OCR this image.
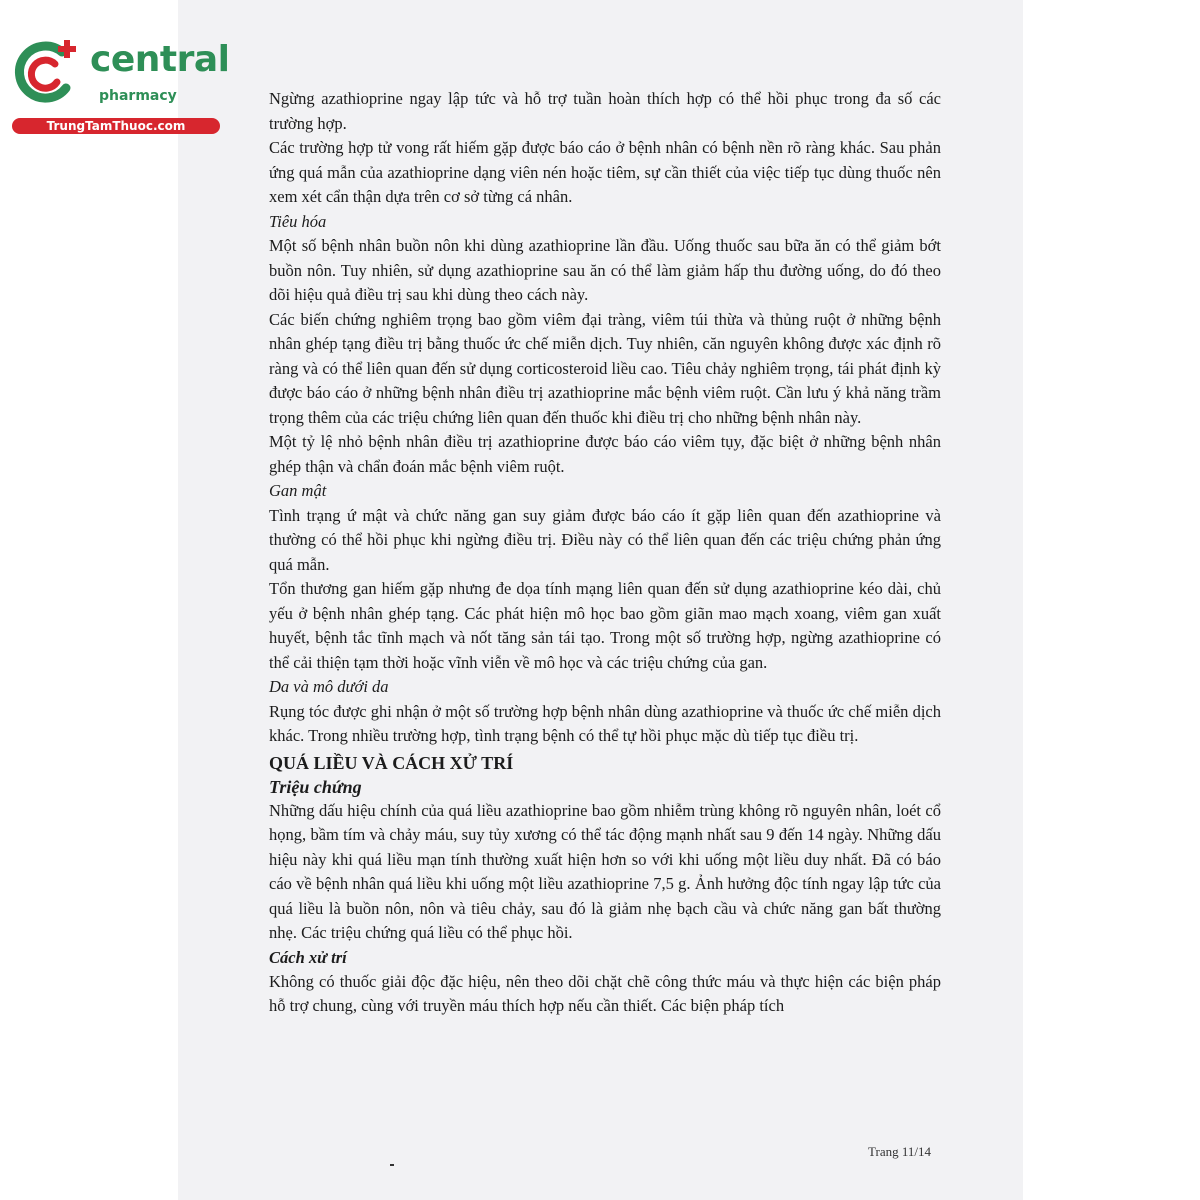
central
pharmacy
TrungTamThuoc.com

Ngừng azathioprine ngay lập tức và hỗ trợ tuần hoàn thích hợp có thể hồi phục trong đa số các trường hợp.

Các trường hợp tử vong rất hiếm gặp được báo cáo ở bệnh nhân có bệnh nền rõ ràng khác. Sau phản ứng quá mẫn của azathioprine dạng viên nén hoặc tiêm, sự cần thiết của việc tiếp tục dùng thuốc nên xem xét cẩn thận dựa trên cơ sở từng cá nhân.

Tiêu hóa

Một số bệnh nhân buồn nôn khi dùng azathioprine lần đầu. Uống thuốc sau bữa ăn có thể giảm bớt buồn nôn. Tuy nhiên, sử dụng azathioprine sau ăn có thể làm giảm hấp thu đường uống, do đó theo dõi hiệu quả điều trị sau khi dùng theo cách này.

Các biến chứng nghiêm trọng bao gồm viêm đại tràng, viêm túi thừa và thủng ruột ở những bệnh nhân ghép tạng điều trị bằng thuốc ức chế miễn dịch. Tuy nhiên, căn nguyên không được xác định rõ ràng và có thể liên quan đến sử dụng corticosteroid liều cao. Tiêu chảy nghiêm trọng, tái phát định kỳ được báo cáo ở những bệnh nhân điều trị azathioprine mắc bệnh viêm ruột. Cần lưu ý khả năng trầm trọng thêm của các triệu chứng liên quan đến thuốc khi điều trị cho những bệnh nhân này.

Một tỷ lệ nhỏ bệnh nhân điều trị azathioprine được báo cáo viêm tụy, đặc biệt ở những bệnh nhân ghép thận và chẩn đoán mắc bệnh viêm ruột.

Gan mật

Tình trạng ứ mật và chức năng gan suy giảm được báo cáo ít gặp liên quan đến azathioprine và thường có thể hồi phục khi ngừng điều trị. Điều này có thể liên quan đến các triệu chứng phản ứng quá mẫn.

Tổn thương gan hiếm gặp nhưng đe dọa tính mạng liên quan đến sử dụng azathioprine kéo dài, chủ yếu ở bệnh nhân ghép tạng. Các phát hiện mô học bao gồm giãn mao mạch xoang, viêm gan xuất huyết, bệnh tắc tĩnh mạch và nốt tăng sản tái tạo. Trong một số trường hợp, ngừng azathioprine có thể cải thiện tạm thời hoặc vĩnh viễn về mô học và các triệu chứng của gan.

Da và mô dưới da

Rụng tóc được ghi nhận ở một số trường hợp bệnh nhân dùng azathioprine và thuốc ức chế miễn dịch khác. Trong nhiều trường hợp, tình trạng bệnh có thể tự hồi phục mặc dù tiếp tục điều trị.

QUÁ LIỀU VÀ CÁCH XỬ TRÍ
Triệu chứng

Những dấu hiệu chính của quá liều azathioprine bao gồm nhiễm trùng không rõ nguyên nhân, loét cổ họng, bầm tím và chảy máu, suy tủy xương có thể tác động mạnh nhất sau 9 đến 14 ngày. Những dấu hiệu này khi quá liều mạn tính thường xuất hiện hơn so với khi uống một liều duy nhất. Đã có báo cáo về bệnh nhân quá liều khi uống một liều azathioprine 7,5 g. Ảnh hưởng độc tính ngay lập tức của quá liều là buồn nôn, nôn và tiêu chảy, sau đó là giảm nhẹ bạch cầu và chức năng gan bất thường nhẹ. Các triệu chứng quá liều có thể phục hồi.

Cách xử trí

Không có thuốc giải độc đặc hiệu, nên theo dõi chặt chẽ công thức máu và thực hiện các biện pháp hỗ trợ chung, cùng với truyền máu thích hợp nếu cần thiết. Các biện pháp tích

Trang 11/14
